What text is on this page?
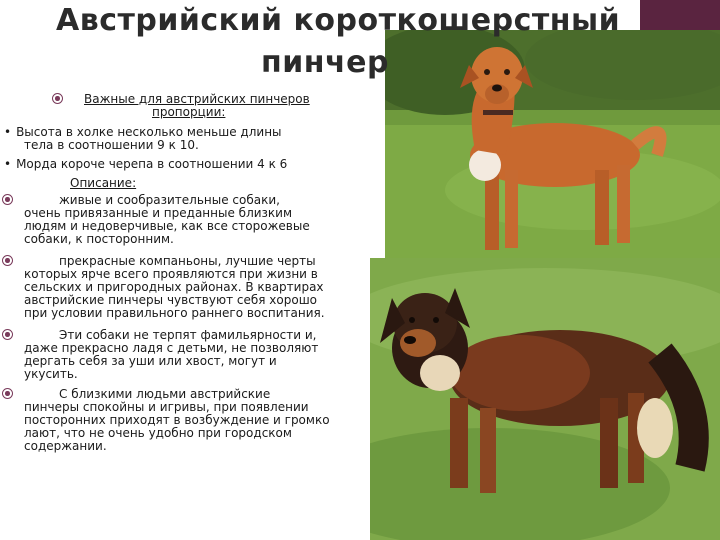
Австрийский короткошерстный
пинчер
Важные для австрийских пинчеров
пропорции:
• Высота в холке несколько меньше длины
тела в соотношении 9 к 10.
• Морда короче черепа в соотношении 4 к 6
Описание:
живые и сообразительные собаки,
очень привязанные и преданные близким
людям и недоверчивые, как все сторожевые
собаки, к посторонним.
прекрасные компаньоны, лучшие черты
которых ярче всего проявляются при жизни в
сельских и пригородных районах. В квартирах
австрийские пинчеры чувствуют себя хорошо
при условии правильного раннего воспитания.
Эти собаки не терпят фамильярности и,
даже прекрасно ладя с детьми, не позволяют
дергать себя за уши или хвост, могут и
укусить.
С близкими людьми австрийские
пинчеры спокойны и игривы, при появлении
посторонних приходят в возбуждение и громко
лают, что не очень удобно при городском
содержании.
